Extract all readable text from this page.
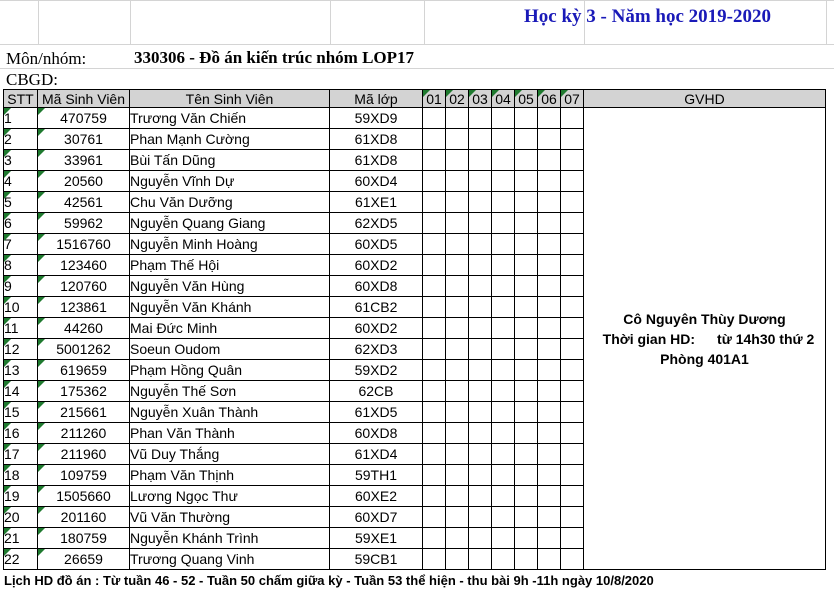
Học kỳ 3 - Năm học 2019-2020
Môn/nhóm:	330306 - Đồ án kiến trúc nhóm LOP17
CBGD:
STT	Mã Sinh Viên	Tên Sinh Viên	Mã lớp	01	02	03	04	05	06	07	GVHD
1	470759	Trương Văn Chiến	59XD9								Cô Nguyên Thùy Dương
Thời gian HD: từ 14h30 thứ 2
Phòng 401A1

2	30761	Phan Mạnh Cường	61XD8								
3	33961	Bùi Tấn Dũng	61XD8								
4	20560	Nguyễn Vĩnh Dự	60XD4								
5	42561	Chu Văn Dưỡng	61XE1								
6	59962	Nguyễn Quang Giang	62XD5								
7	1516760	Nguyễn Minh Hoàng	60XD5								
8	123460	Phạm Thế Hội	60XD2								
9	120760	Nguyễn Văn Hùng	60XD8								
10	123861	Nguyễn Văn Khánh	61CB2								
11	44260	Mai Đức Minh	60XD2								
12	5001262	Soeun Oudom	62XD3								
13	619659	Phạm Hồng Quân	59XD2								
14	175362	Nguyễn Thế Sơn	62CB								
15	215661	Nguyễn Xuân Thành	61XD5								
16	211260	Phan Văn Thành	60XD8								
17	211960	Vũ Duy Thắng	61XD4								
18	109759	Phạm Văn Thịnh	59TH1								
19	1505660	Lương Ngọc Thư	60XE2								
20	201160	Vũ Văn Thường	60XD7								
21	180759	Nguyễn Khánh Trình	59XE1								
22	26659	Trương Quang Vinh	59CB1								
Lịch HD đồ án : Từ tuần 46 - 52 - Tuần 50 chấm giữa kỳ - Tuần 53 thể hiện - thu bài 9h -11h ngày 10/8/2020
